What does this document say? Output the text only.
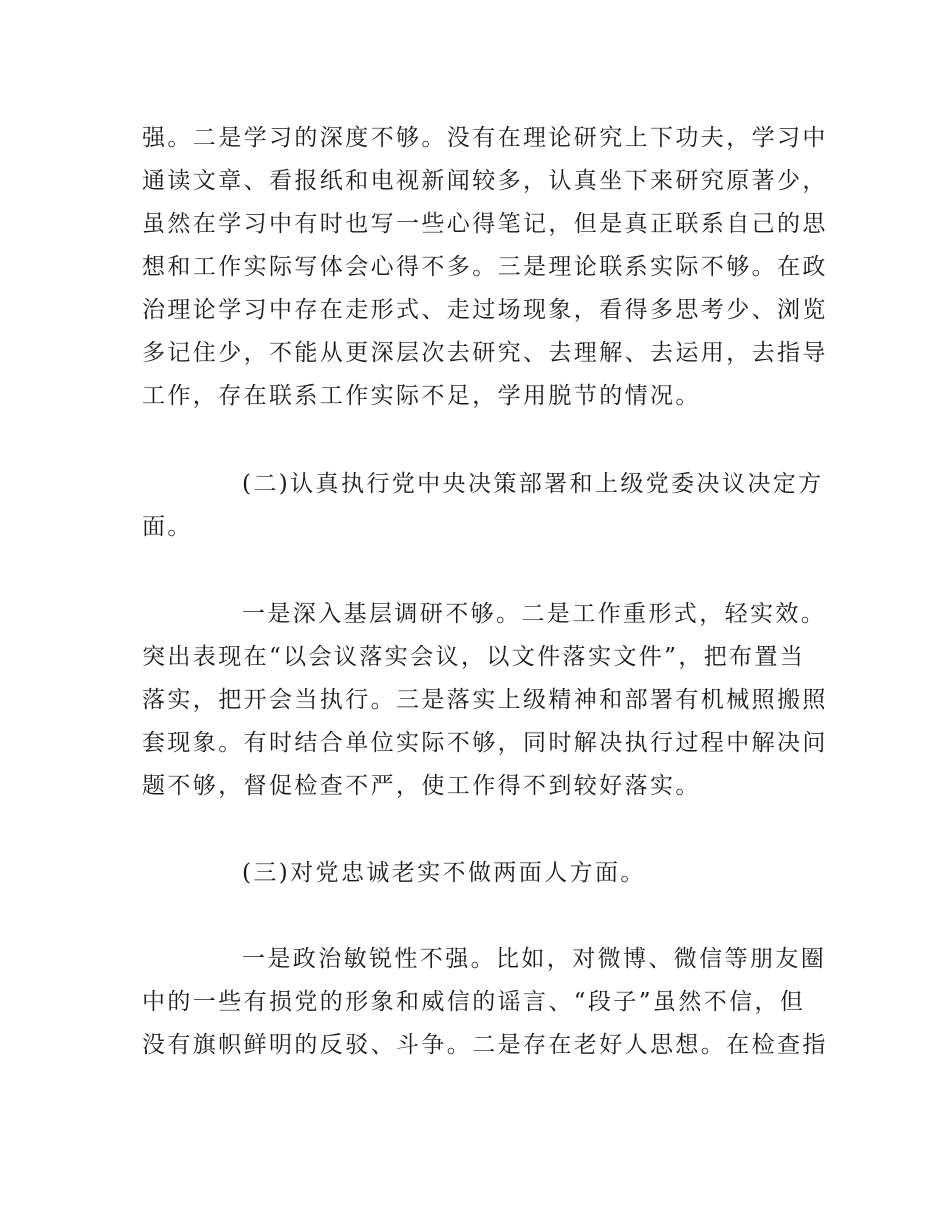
强。二是学习的深度不够。没有在理论研究上下功夫，学习中
通读文章、看报纸和电视新闻较多，认真坐下来研究原著少，
虽然在学习中有时也写一些心得笔记，但是真正联系自己的思
想和工作实际写体会心得不多。三是理论联系实际不够。在政
治理论学习中存在走形式、走过场现象，看得多思考少、浏览
多记住少，不能从更深层次去研究、去理解、去运用，去指导
工作，存在联系工作实际不足，学用脱节的情况。
(二)认真执行党中央决策部署和上级党委决议决定方
面。
一是深入基层调研不够。二是工作重形式，轻实效。
突出表现在“以会议落实会议，以文件落实文件”，把布置当
落实，把开会当执行。三是落实上级精神和部署有机械照搬照
套现象。有时结合单位实际不够，同时解决执行过程中解决问
题不够，督促检查不严，使工作得不到较好落实。
(三)对党忠诚老实不做两面人方面。
一是政治敏锐性不强。比如，对微博、微信等朋友圈
中的一些有损党的形象和威信的谣言、“段子”虽然不信，但
没有旗帜鲜明的反驳、斗争。二是存在老好人思想。在检查指
